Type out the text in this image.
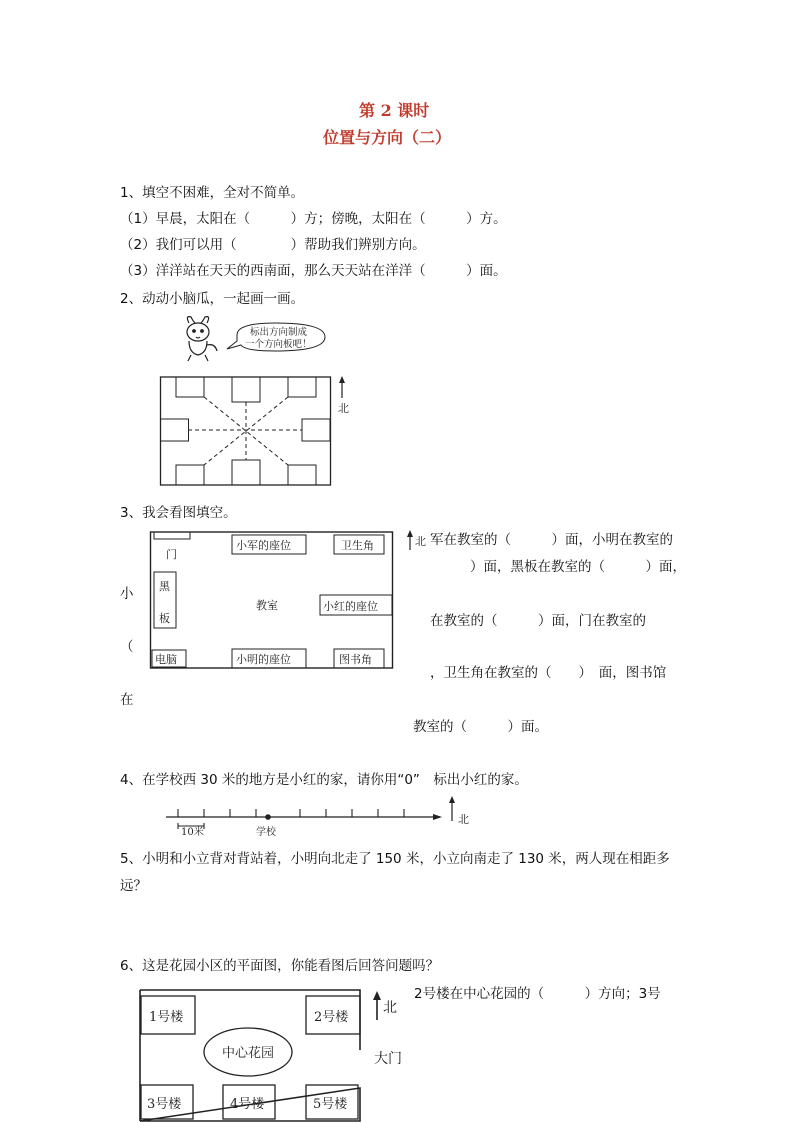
第 2 课时
位置与方向（二）
1、填空不困难，全对不简单。
（1）早晨，太阳在（　　　）方；傍晚，太阳在（　　　）方。
（2）我们可以用（　　　　）帮助我们辨别方向。
（3）洋洋站在天天的西南面，那么天天站在洋洋（　　　）面。
2、动动小脑瓜，一起画一画。
标出方向制成
一个方向板吧！
北
3、我会看图填空。
门
小军的座位	卫生角
黑
板
教室	小红的座位
电脑	小明的座位	图书角
北 军在教室的（　　　）面，小明在教室的
）面，黑板在教室的（　　　）面，
小
在教室的（　　　）面，门在教室的
（
，卫生角在教室的（　　）　面，图书馆
在
教室的（　　　）面。
4、在学校西 30 米的地方是小红的家，请你用“0”　标出小红的家。
10米	学校
北
5、小明和小立背对背站着，小明向北走了 150 米，小立向南走了 130 米，两人现在相距多
远？
6、这是花园小区的平面图，你能看图后回答问题吗？
1号楼	2号楼
中心花园
3号楼	4号楼	5号楼
大门
北
2号楼在中心花园的（　　　）方向；3号
